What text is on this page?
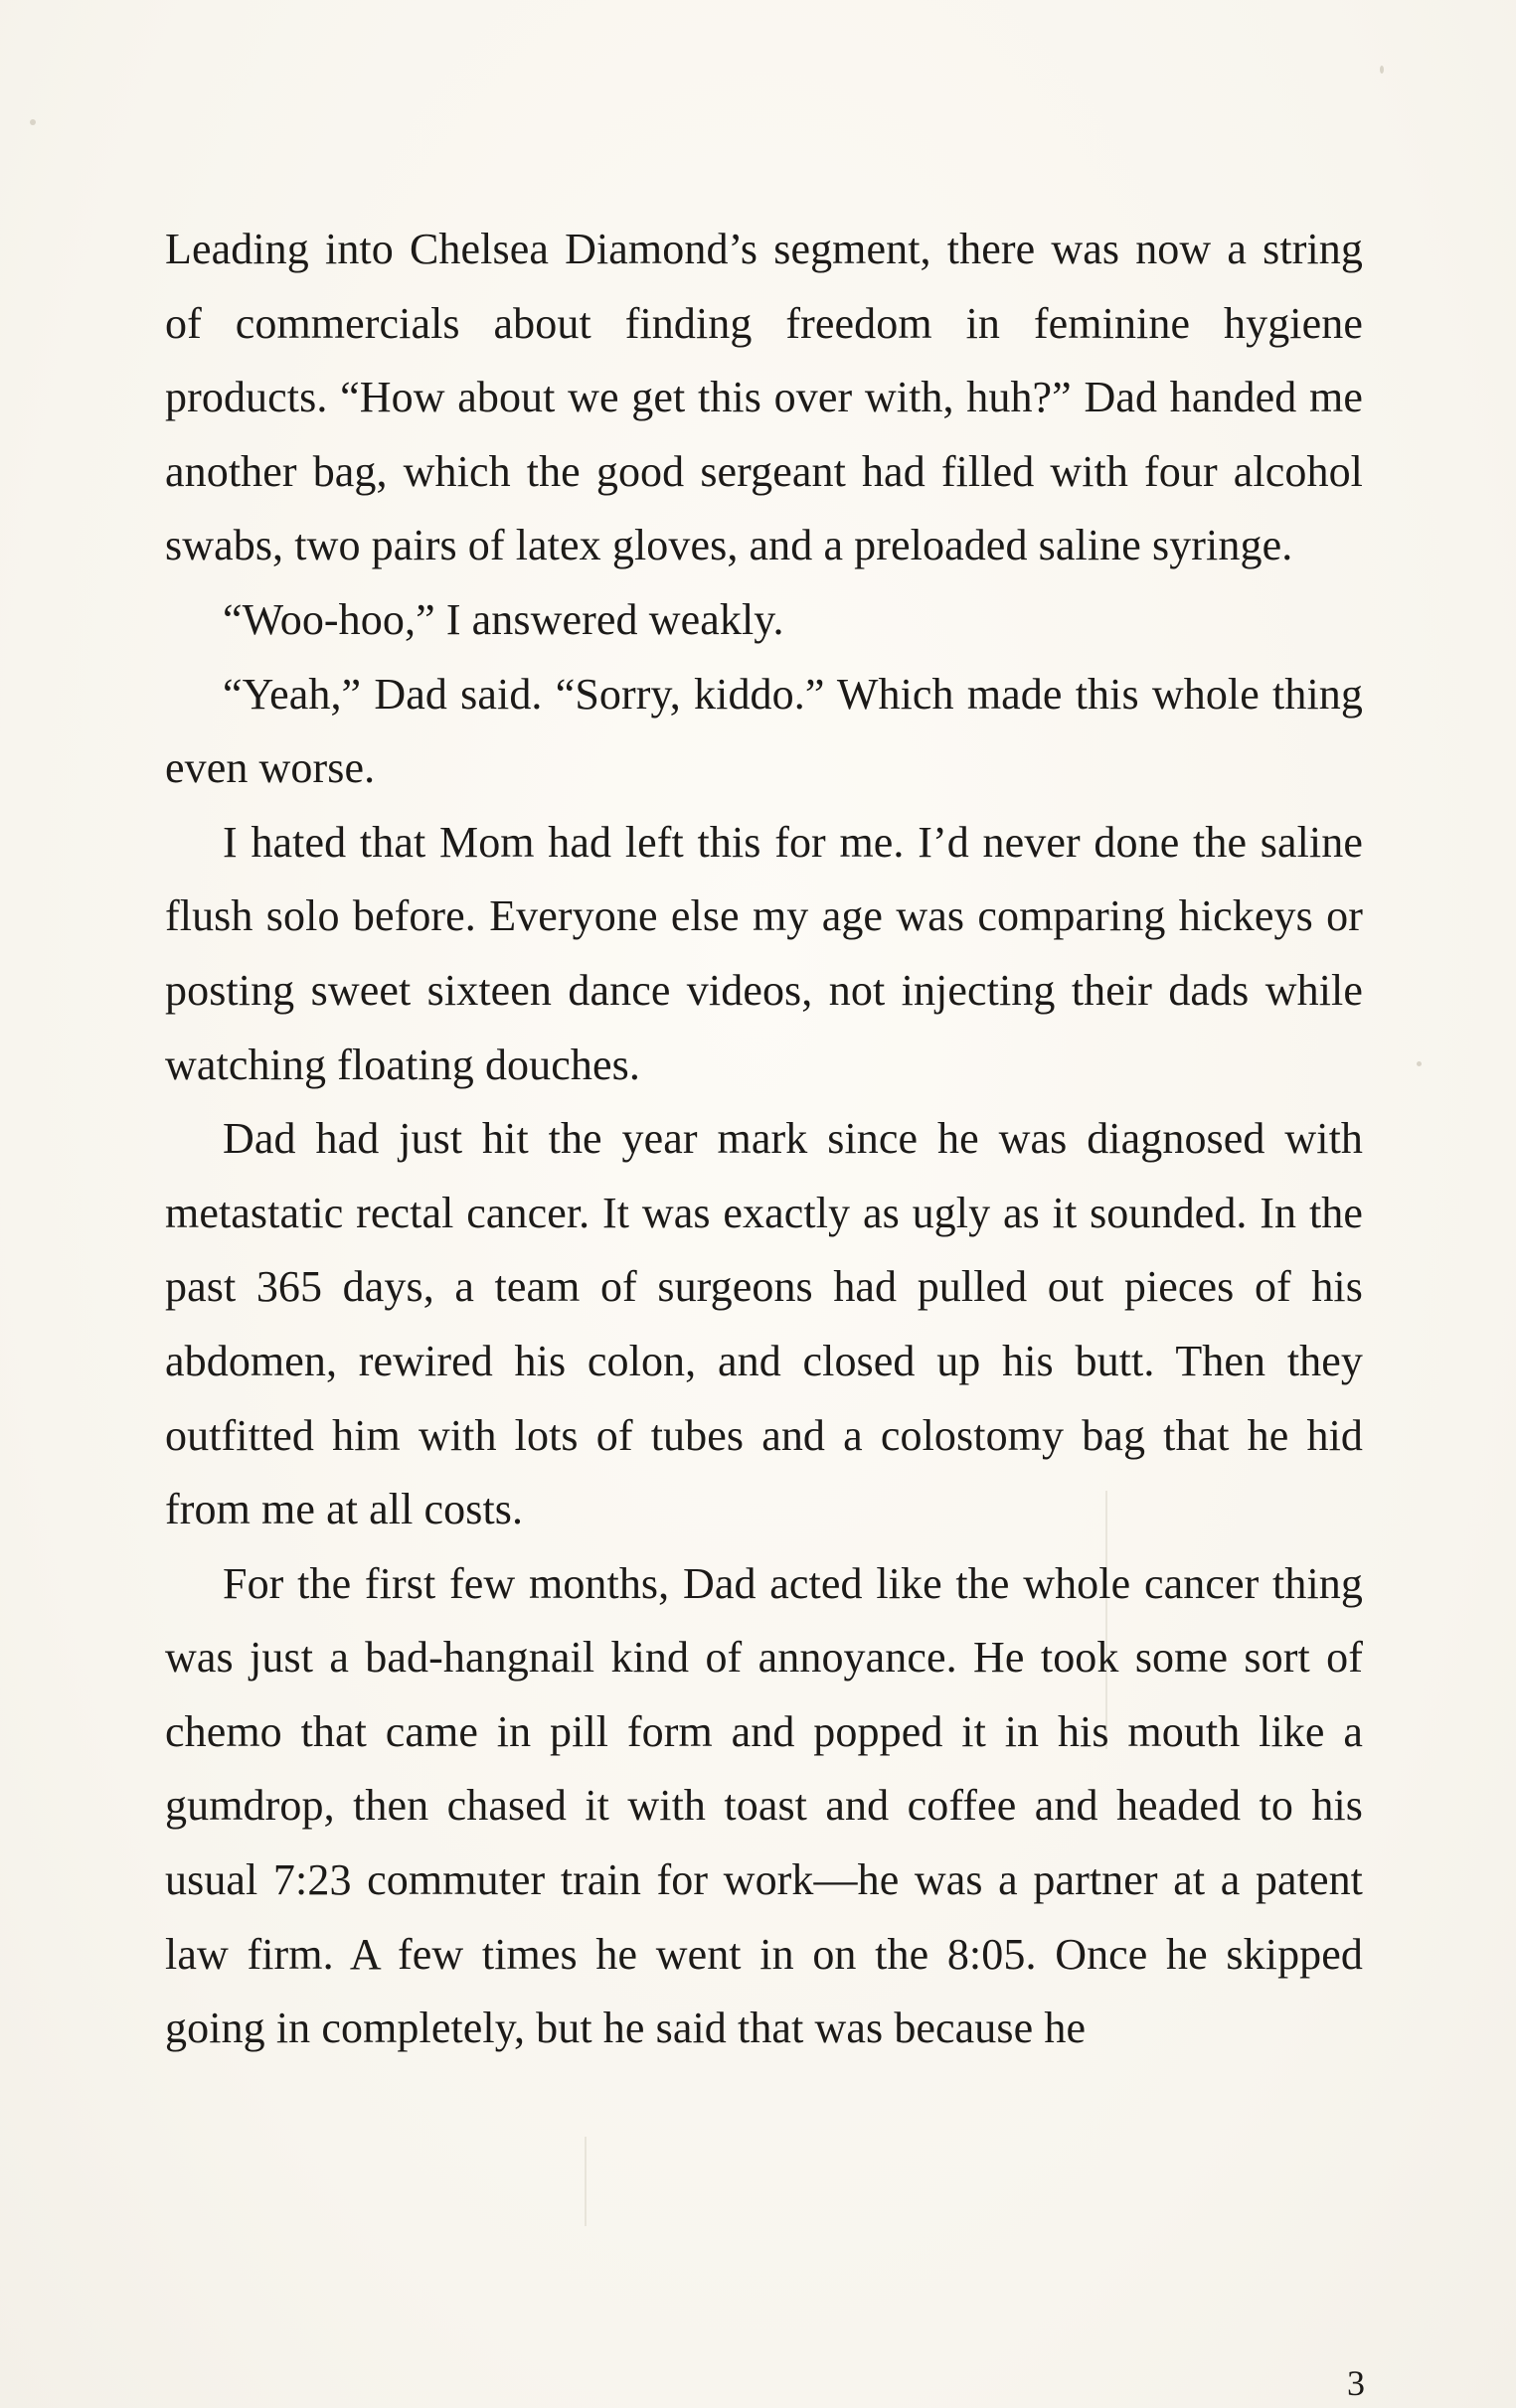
Leading into Chelsea Diamond’s segment, there was now a string of commercials about finding freedom in feminine hygiene products. “How about we get this over with, huh?” Dad handed me another bag, which the good sergeant had filled with four alcohol swabs, two pairs of latex gloves, and a preloaded saline syringe.

“Woo-hoo,” I answered weakly.

“Yeah,” Dad said. “Sorry, kiddo.” Which made this whole thing even worse.

I hated that Mom had left this for me. I’d never done the saline flush solo before. Everyone else my age was comparing hickeys or posting sweet sixteen dance videos, not injecting their dads while watching floating douches.

Dad had just hit the year mark since he was diagnosed with metastatic rectal cancer. It was exactly as ugly as it sounded. In the past 365 days, a team of surgeons had pulled out pieces of his abdomen, rewired his colon, and closed up his butt. Then they outfitted him with lots of tubes and a colostomy bag that he hid from me at all costs.

For the first few months, Dad acted like the whole cancer thing was just a bad-hangnail kind of annoyance. He took some sort of chemo that came in pill form and popped it in his mouth like a gumdrop, then chased it with toast and coffee and headed to his usual 7:23 commuter train for work—he was a partner at a patent law firm. A few times he went in on the 8:05. Once he skipped going in completely, but he said that was because he

3
